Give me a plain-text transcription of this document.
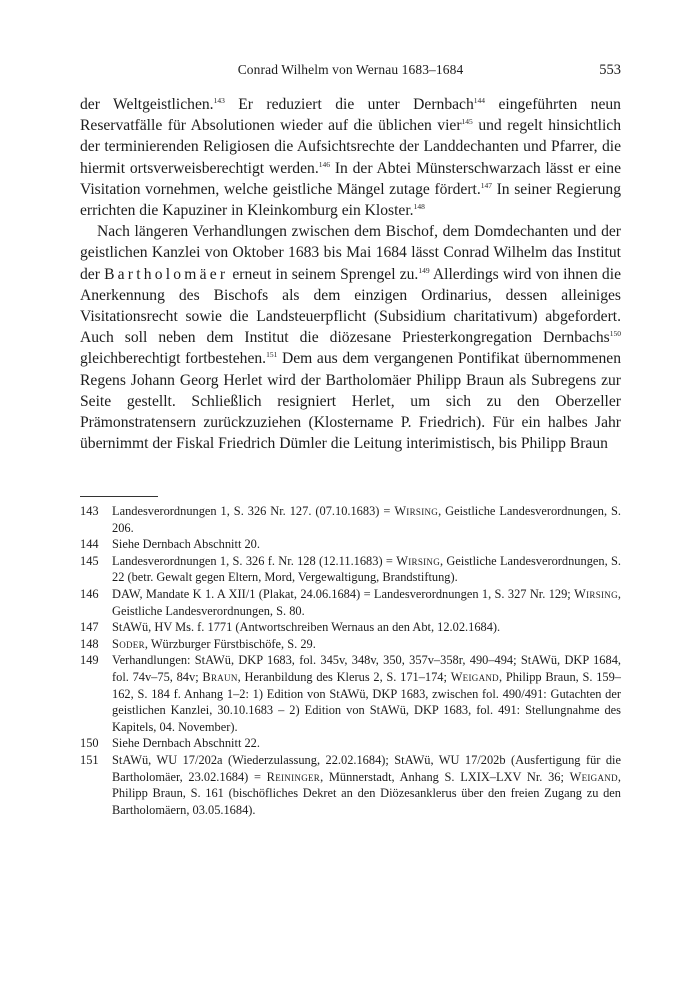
Conrad Wilhelm von Wernau 1683–1684	553

der Weltgeistlichen.$^{143}$ Er reduziert die unter Dernbach$^{144}$ eingeführten neun Reservatfälle für Absolutionen wieder auf die üblichen vier$^{145}$ und regelt hinsichtlich der terminierenden Religiosen die Aufsichtsrechte der Landdechanten und Pfarrer, die hiermit ortsverweisberechtigt werden.$^{146}$ In der Abtei Münsterschwarzach lässt er eine Visitation vornehmen, welche geistliche Mängel zutage fördert.$^{147}$ In seiner Regierung errichten die Kapuziner in Kleinkomburg ein Kloster.$^{148}$

Nach längeren Verhandlungen zwischen dem Bischof, dem Domdechanten und der geistlichen Kanzlei von Oktober 1683 bis Mai 1684 lässt Conrad Wilhelm das Institut der Bartholomäer erneut in seinem Sprengel zu.$^{149}$ Allerdings wird von ihnen die Anerkennung des Bischofs als dem einzigen Ordinarius, dessen alleiniges Visitationsrecht sowie die Landsteuerpflicht (Subsidium charitativum) abgefordert. Auch soll neben dem Institut die diözesane Priesterkongregation Dernbachs$^{150}$ gleichberechtigt fortbestehen.$^{151}$ Dem aus dem vergangenen Pontifikat übernommenen Regens Johann Georg Herlet wird der Bartholomäer Philipp Braun als Subregens zur Seite gestellt. Schließlich resigniert Herlet, um sich zu den Oberzeller Prämonstratensern zurückzuziehen (Klostername P. Friedrich). Für ein halbes Jahr übernimmt der Fiskal Friedrich Dümler die Leitung interimistisch, bis Philipp Braun

143	Landesverordnungen 1, S. 326 Nr. 127. (07.10.1683) = Wirsing, Geistliche Landesverordnungen, S. 206.
144	Siehe Dernbach Abschnitt 20.
145	Landesverordnungen 1, S. 326 f. Nr. 128 (12.11.1683) = Wirsing, Geistliche Landesverordnungen, S. 22 (betr. Gewalt gegen Eltern, Mord, Vergewaltigung, Brandstiftung).
146	DAW, Mandate K 1. A XII/1 (Plakat, 24.06.1684) = Landesverordnungen 1, S. 327 Nr. 129; Wirsing, Geistliche Landesverordnungen, S. 80.
147	StAWü, HV Ms. f. 1771 (Antwortschreiben Wernaus an den Abt, 12.02.1684).
148	Soder, Würzburger Fürstbischöfe, S. 29.
149	Verhandlungen: StAWü, DKP 1683, fol. 345v, 348v, 350, 357v–358r, 490–494; StAWü, DKP 1684, fol. 74v–75, 84v; Braun, Heranbildung des Klerus 2, S. 171–174; Weigand, Philipp Braun, S. 159–162, S. 184 f. Anhang 1–2: 1) Edition von StAWü, DKP 1683, zwischen fol. 490/491: Gutachten der geistlichen Kanzlei, 30.10.1683 – 2) Edition von StAWü, DKP 1683, fol. 491: Stellungnahme des Kapitels, 04. November).
150	Siehe Dernbach Abschnitt 22.
151	StAWü, WU 17/202a (Wiederzulassung, 22.02.1684); StAWü, WU 17/202b (Ausfertigung für die Bartholomäer, 23.02.1684) = Reininger, Münnerstadt, Anhang S. LXIX–LXV Nr. 36; Weigand, Philipp Braun, S. 161 (bischöfliches Dekret an den Diözesanklerus über den freien Zugang zu den Bartholomäern, 03.05.1684).
